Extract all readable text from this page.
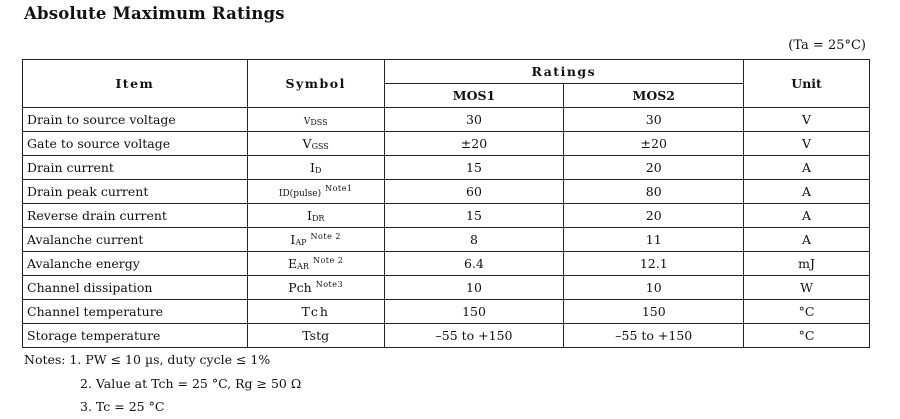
Absolute Maximum Ratings
(Ta = 25°C)
Item	Symbol	Ratings		Unit
		MOS1	MOS2	
Drain to source voltage	VDSS	30	30	V
Gate to source voltage	VGSS	±20	±20	V
Drain current	ID	15	20	A
Drain peak current	ID(pulse)$^{Note1}$	60	80	A
Reverse drain current	IDR	15	20	A
Avalanche current	IAP$^{Note 2}$	8	11	A
Avalanche energy	EAR$^{Note 2}$	6.4	12.1	mJ
Channel dissipation	Pch $^{Note3}$	10	10	W
Channel temperature	Tch	150	150	°C
Storage temperature	Tstg	–55 to +150	–55 to +150	°C
Notes: 1. PW ≤ 10 µs, duty cycle ≤ 1%
2. Value at Tch = 25 °C, Rg ≥ 50 Ω
3. Tc = 25 °C
